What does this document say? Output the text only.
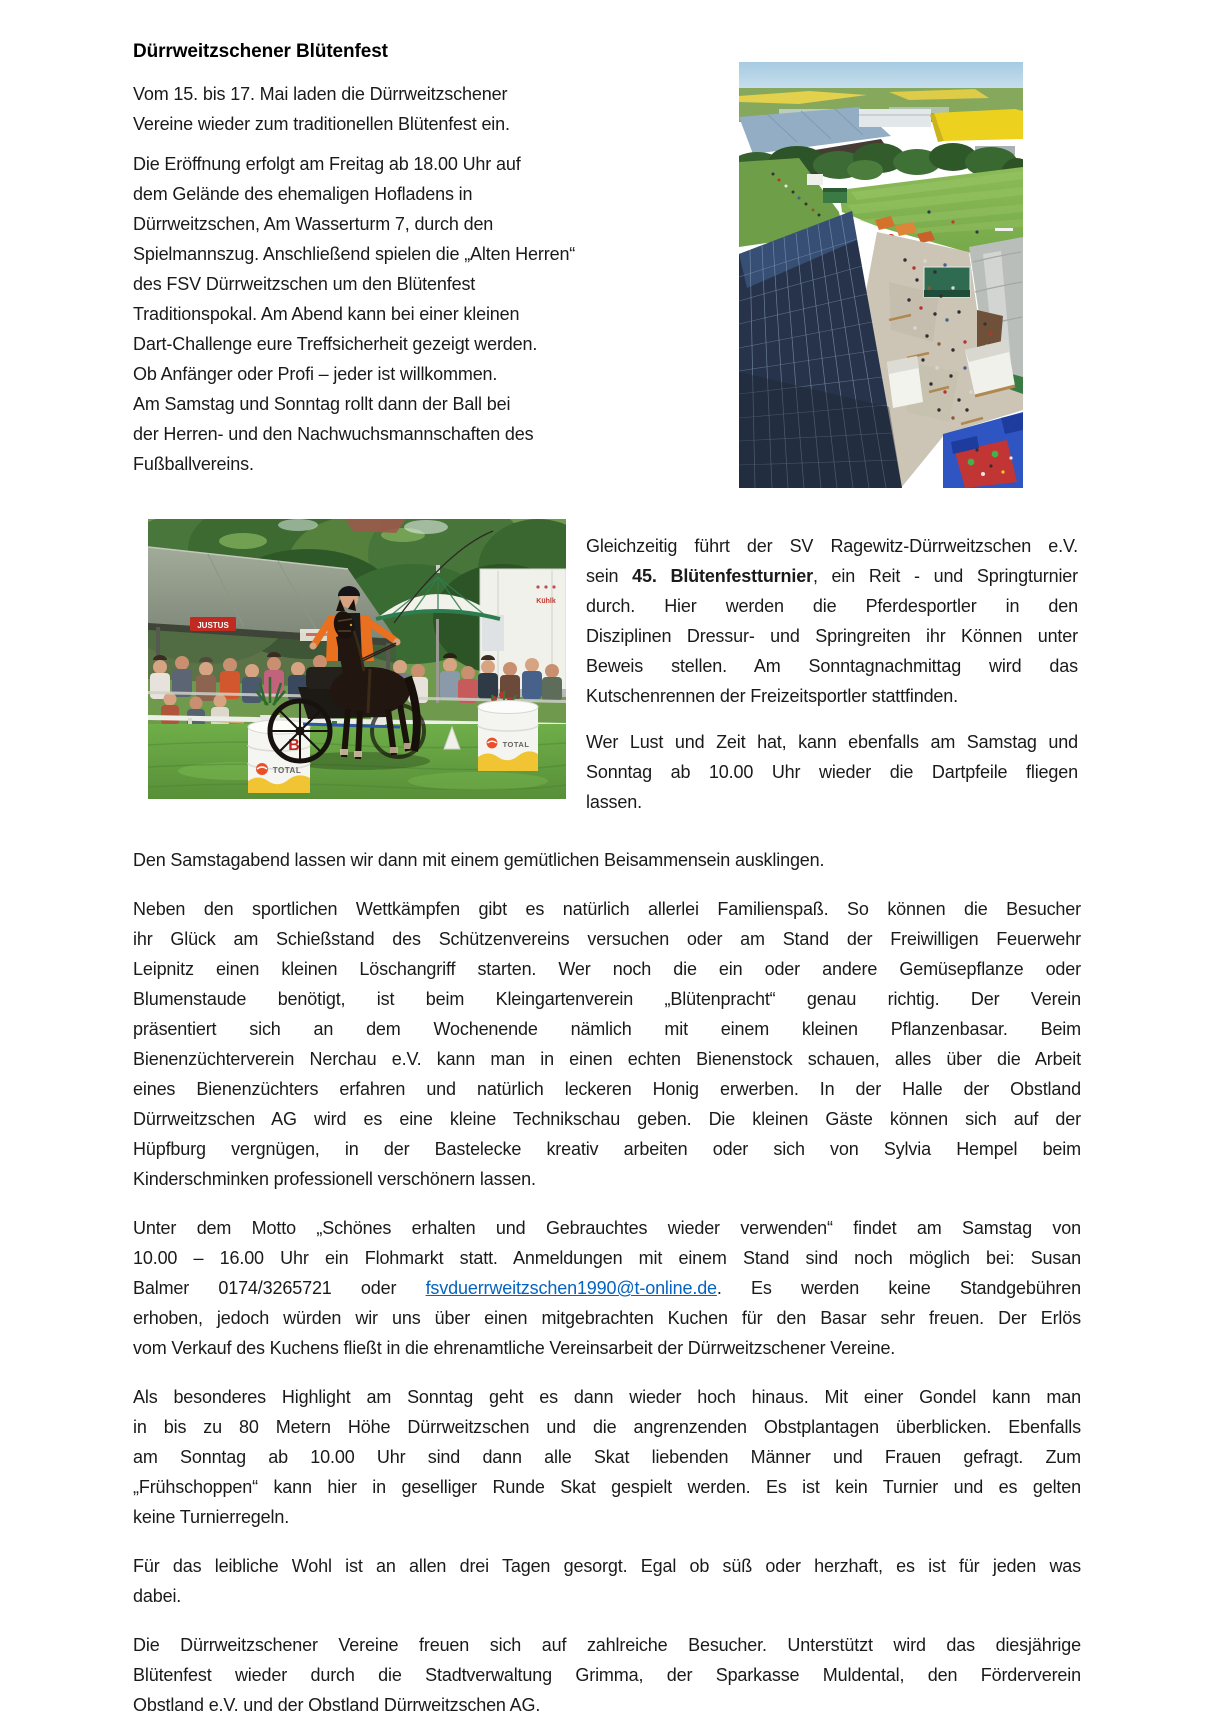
Dürrweitzschener Blütenfest
Vom 15. bis 17. Mai laden die Dürrweitzschener
Vereine wieder zum traditionellen Blütenfest ein.
Die Eröffnung erfolgt am Freitag ab 18.00 Uhr auf
dem Gelände des ehemaligen Hofladens in
Dürrweitzschen, Am Wasserturm 7, durch den
Spielmannszug. Anschließend spielen die „Alten Herren“
des FSV Dürrweitzschen um den Blütenfest
Traditionspokal. Am Abend kann bei einer kleinen
Dart-Challenge eure Treffsicherheit gezeigt werden.
Ob Anfänger oder Profi – jeder ist willkommen.
Am Samstag und Sonntag rollt dann der Ball bei
der Herren- und den Nachwuchsmannschaften des
Fußballvereins.
JUSTUS
Kühlk
B
TOTAL
TOTAL
Gleichzeitig führt der SV Ragewitz-Dürrweitzschen e.V.
sein 45. Blütenfestturnier, ein Reit - und Springturnier
durch. Hier werden die Pferdesportler in den
Disziplinen Dressur- und Springreiten ihr Können unter
Beweis stellen. Am Sonntagnachmittag wird das
Kutschenrennen der Freizeitsportler stattfinden.
Wer Lust und Zeit hat, kann ebenfalls am Samstag und
Sonntag ab 10.00 Uhr wieder die Dartpfeile fliegen
lassen.
Den Samstagabend lassen wir dann mit einem gemütlichen Beisammensein ausklingen.
Neben den sportlichen Wettkämpfen gibt es natürlich allerlei Familienspaß. So können die Besucher
ihr Glück am Schießstand des Schützenvereins versuchen oder am Stand der Freiwilligen Feuerwehr
Leipnitz einen kleinen Löschangriff starten. Wer noch die ein oder andere Gemüsepflanze oder
Blumenstaude benötigt, ist beim Kleingartenverein „Blütenpracht“ genau richtig. Der Verein
präsentiert sich an dem Wochenende nämlich mit einem kleinen Pflanzenbasar. Beim
Bienenzüchterverein Nerchau e.V. kann man in einen echten Bienenstock schauen, alles über die Arbeit
eines Bienenzüchters erfahren und natürlich leckeren Honig erwerben. In der Halle der Obstland
Dürrweitzschen AG wird es eine kleine Technikschau geben. Die kleinen Gäste können sich auf der
Hüpfburg vergnügen, in der Bastelecke kreativ arbeiten oder sich von Sylvia Hempel beim
Kinderschminken professionell verschönern lassen.
Unter dem Motto „Schönes erhalten und Gebrauchtes wieder verwenden“ findet am Samstag von
10.00 – 16.00 Uhr ein Flohmarkt statt. Anmeldungen mit einem Stand sind noch möglich bei: Susan
Balmer 0174/3265721 oder fsvduerrweitzschen1990@t-online.de. Es werden keine Standgebühren
erhoben, jedoch würden wir uns über einen mitgebrachten Kuchen für den Basar sehr freuen. Der Erlös
vom Verkauf des Kuchens fließt in die ehrenamtliche Vereinsarbeit der Dürrweitzschener Vereine.
Als besonderes Highlight am Sonntag geht es dann wieder hoch hinaus. Mit einer Gondel kann man
in bis zu 80 Metern Höhe Dürrweitzschen und die angrenzenden Obstplantagen überblicken. Ebenfalls
am Sonntag ab 10.00 Uhr sind dann alle Skat liebenden Männer und Frauen gefragt. Zum
„Frühschoppen“ kann hier in geselliger Runde Skat gespielt werden. Es ist kein Turnier und es gelten
keine Turnierregeln.
Für das leibliche Wohl ist an allen drei Tagen gesorgt. Egal ob süß oder herzhaft, es ist für jeden was
dabei.
Die Dürrweitzschener Vereine freuen sich auf zahlreiche Besucher. Unterstützt wird das diesjährige
Blütenfest wieder durch die Stadtverwaltung Grimma, der Sparkasse Muldental, den Förderverein
Obstland e.V. und der Obstland Dürrweitzschen AG.
